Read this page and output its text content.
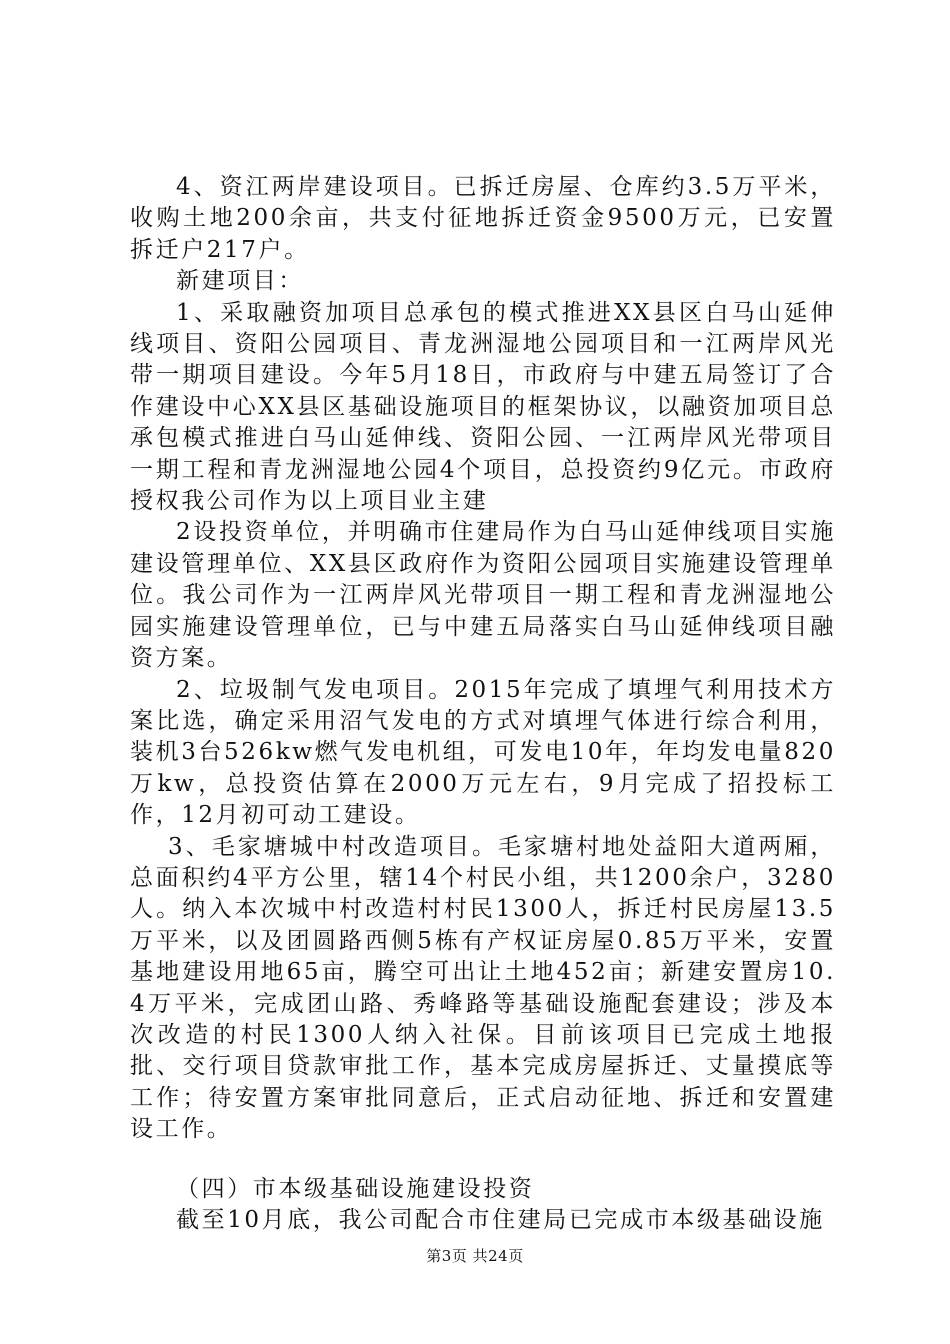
4、资江两岸建设项目。已拆迁房屋、仓库约3.5万平米，收购土地200余亩，共支付征地拆迁资金9500万元，已安置拆迁户217户。

新建项目：

1、采取融资加项目总承包的模式推进XX县区白马山延伸线项目、资阳公园项目、青龙洲湿地公园项目和一江两岸风光带一期项目建设。今年5月18日，市政府与中建五局签订了合作建设中心XX县区基础设施项目的框架协议，以融资加项目总承包模式推进白马山延伸线、资阳公园、一江两岸风光带项目一期工程和青龙洲湿地公园4个项目，总投资约9亿元。市政府授权我公司作为以上项目业主建

2设投资单位，并明确市住建局作为白马山延伸线项目实施建设管理单位、XX县区政府作为资阳公园项目实施建设管理单位。我公司作为一江两岸风光带项目一期工程和青龙洲湿地公园实施建设管理单位，已与中建五局落实白马山延伸线项目融资方案。

2、垃圾制气发电项目。2015年完成了填埋气利用技术方案比选，确定采用沼气发电的方式对填埋气体进行综合利用，装机3台526kw燃气发电机组，可发电10年，年均发电量820万kw，总投资估算在2000万元左右，9月完成了招投标工作，12月初可动工建设。

3、毛家塘城中村改造项目。毛家塘村地处益阳大道两厢，总面积约4平方公里，辖14个村民小组，共1200余户，3280人。纳入本次城中村改造村村民1300人，拆迁村民房屋13.5万平米，以及团圆路西侧5栋有产权证房屋0.85万平米，安置基地建设用地65亩，腾空可出让土地452亩；新建安置房10.4万平米，完成团山路、秀峰路等基础设施配套建设；涉及本次改造的村民1300人纳入社保。目前该项目已完成土地报批、交行项目贷款审批工作，基本完成房屋拆迁、丈量摸底等工作；待安置方案审批同意后，正式启动征地、拆迁和安置建设工作。

（四）市本级基础设施建设投资

截至10月底，我公司配合市住建局已完成市本级基础设施

第3页 共24页
